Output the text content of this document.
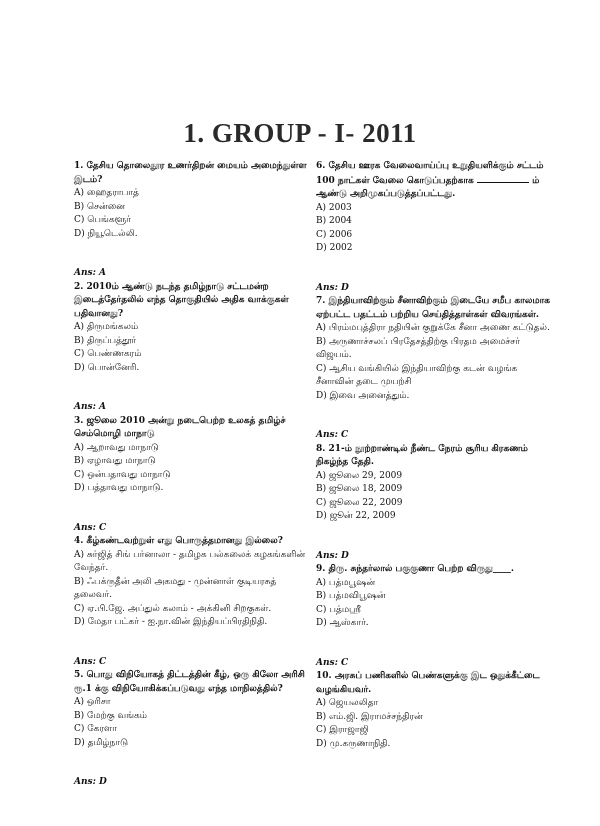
1. GROUP - I- 2011

1. தேசிய தொலைதூர உணர்திறன் மையம் அமைந்துள்ள இடம்?

A) ஹைதராபாத்

B) சென்னை

C) பெங்களூர்

D) நியூடெல்லி.

Ans: A

2. 2010ம் ஆண்டு நடந்த தமிழ்நாடு சட்டமன்ற இடைத்தேர்தலில் எந்த தொகுதியில் அதிக வாக்குகள் பதிவானது?

A) திருமங்கலம்

B) திருப்பத்தூர்

C) பெண்ணகரம்

D) பொன்னேரி.

Ans: A

3. ஜூலை 2010 அன்று நடைபெற்ற உலகத் தமிழ்ச் செம்மொழி மாநாடு

A) ஆறாவது மாநாடு

B) ஏழாவது மாநாடு

C) ஒன்பதாவது மாநாடு

D) பத்தாவது மாநாடு.

Ans: C

4. கீழ்கண்டவற்றுள் எது பொருத்தமானது இல்லை?

A) சுர்ஜித் சிங் பர்னாலா - தமிழக பல்கலைக் கழகங்களின் வேந்தர்.

B) ஃபக்ருதீன் அலி அகமது - முன்னாள் குடியரசுத் தலைவர்.

C) ஏ.பி.ஜே. அப்துல் கலாம் - அக்கினி சிறகுகள்.

D) மேதா பட்கர் - ஐ.நா.வின் இந்தியப்பிரதிநிதி.

Ans: C

5. பொது விநியோகத் திட்டத்தின் கீழ், ஒரு கிலோ அரிசி ரூ.1 க்கு விநியோகிக்கப்படுவது எந்த மாநிலத்தில்?

A) ஒரிசா

B) மேற்கு வங்கம்

C) கேரளா

D) தமிழ்நாடு

Ans: D

6. தேசிய ஊரக வேலைவாய்ப்பு உறுதியளிக்கும் சட்டம் 100 நாட்கள் வேலை கொடுப்பதற்காக	ம் ஆண்டு அறிமுகப்படுத்தப்பட்டது.

A) 2003

B) 2004

C) 2006

D) 2002

Ans: D

7. இந்தியாவிற்கும் சீனாவிற்கும் இடையே சமீப காலமாக ஏற்பட்ட பதட்டம் பற்றிய செய்தித்தாள்கள் விவரங்கள்.

A) பிரம்மபுத்திரா நதியின் குறுக்கே சீனா அணை கட்டுதல்.

B) அருணாச்சலப் பிரதேசத்திற்கு பிரதம அமைச்சர் விஜயம்.

C) ஆசிய வங்கியில் இந்தியாவிற்கு கடன் வழங்க சீனாவின் தடை முயற்சி

D) இவை அனைத்தும்.

Ans: C

8. 21-ம் நூற்றாண்டில் நீண்ட நேரம் சூரிய கிரகணம் நிகழ்ந்த தேதி.

A) ஜூலை 29, 2009

B) ஜூலை 18, 2009

C) ஜூலை 22, 2009

D) ஜூன் 22, 2009

Ans: D

9. திரு. சுந்தர்லால் பகுகுணா பெற்ற விருது____.

A) பத்மபூஷன்

B) பத்மவிபூஷன்

C) பத்மஸ்ரீ

D) ஆஸ்கார்.

Ans: C

10. அரசுப் பணிகளில் பெண்களுக்கு இட ஒதுக்கீட்டை வழங்கியவர்.

A) ஜெயலலிதா

B) எம்.ஜி. இராமச்சந்திரன்

C) இராஜாஜி

D) மு.கருணாநிதி.
